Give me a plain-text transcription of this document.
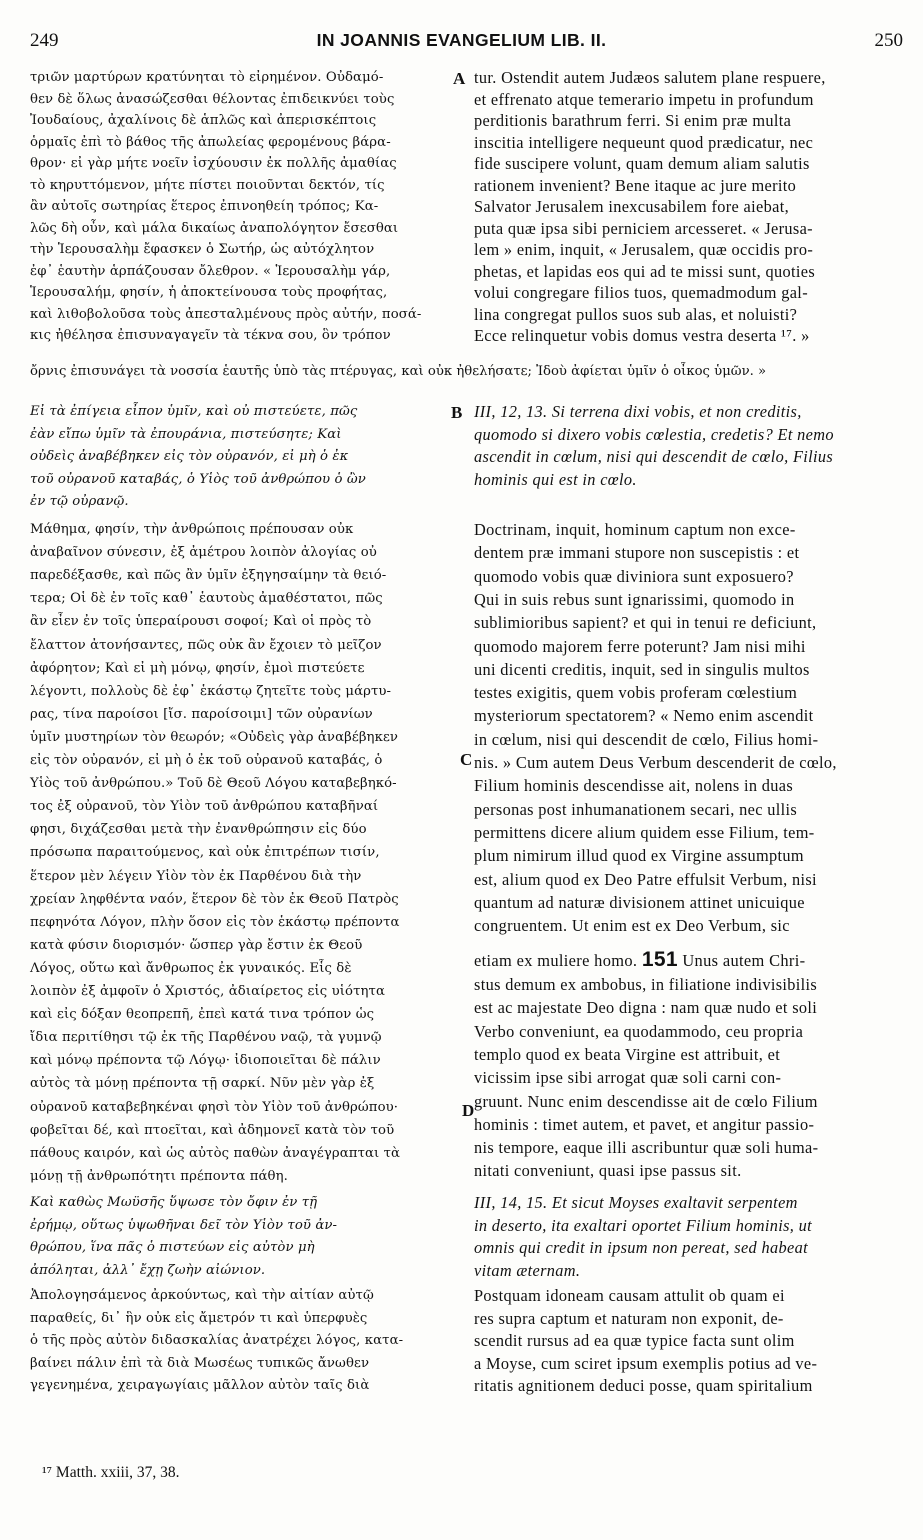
249	IN JOANNIS EVANGELIUM LIB. II.	250
τριῶν μαρτύρων κρατύνηται τὸ εἰρημένον. Οὐδαμό-
θεν δὲ ὅλως ἀνασώζεσθαι θέλοντας ἐπιδεικνύει τοὺς
Ἰουδαίους, ἀχαλίνοις δὲ ἁπλῶς καὶ ἀπερισκέπτοις
ὁρμαῖς ἐπὶ τὸ βάθος τῆς ἀπωλείας φερομένους βάρα-
θρον· εἰ γὰρ μήτε νοεῖν ἰσχύουσιν ἐκ πολλῆς ἀμαθίας
τὸ κηρυττόμενον, μήτε πίστει ποιοῦνται δεκτόν, τίς
ἂν αὐτοῖς σωτηρίας ἕτερος ἐπινοηθείη τρόπος; Κα-
λῶς δὴ οὖν, καὶ μάλα δικαίως ἀναπολόγητον ἔσεσθαι
τὴν Ἱερουσαλὴμ ἔφασκεν ὁ Σωτήρ, ὡς αὐτόχλητον
ἐφ᾽ ἑαυτὴν ἁρπάζουσαν ὄλεθρον. « Ἱερουσαλὴμ γάρ,
Ἱερουσαλήμ, φησίν, ἡ ἀποκτείνουσα τοὺς προφήτας,
καὶ λιθοβολοῦσα τοὺς ἀπεσταλμένους πρὸς αὐτήν, ποσά-
κις ἠθέλησα ἐπισυναγαγεῖν τὰ τέκνα σου, ὃν τρόπον
tur. Ostendit autem Judæos salutem plane respuere,
et effrenato atque temerario impetu in profundum
perditionis barathrum ferri. Si enim præ multa
inscitia intelligere nequeunt quod prædicatur, nec
fide suscipere volunt, quam demum aliam salutis
rationem invenient? Bene itaque ac jure merito
Salvator Jerusalem inexcusabilem fore aiebat,
puta quæ ipsa sibi perniciem arcesseret. « Jerusa-
lem » enim, inquit, « Jerusalem, quæ occidis pro-
phetas, et lapidas eos qui ad te missi sunt, quoties
volui congregare filios tuos, quemadmodum gal-
lina congregat pullos suos sub alas, et noluisti?
Ecce relinquetur vobis domus vestra deserta ¹⁷. »
Εἰ τὰ ἐπίγεια εἶπον ὑμῖν, καὶ οὐ πιστεύετε, πῶς
ἐὰν εἴπω ὑμῖν τὰ ἐπουράνια, πιστεύσητε; Καὶ
οὐδεὶς ἀναβέβηκεν εἰς τὸν οὐρανόν, εἰ μὴ ὁ ἐκ
τοῦ οὐρανοῦ καταβάς, ὁ Υἱὸς τοῦ ἀνθρώπου ὁ ὢν
ἐν τῷ οὐρανῷ.
III, 12, 13. Si terrena dixi vobis, et non creditis,
quomodo si dixero vobis cœlestia, credetis? Et nemo
ascendit in cœlum, nisi qui descendit de cœlo, Filius
hominis qui est in cœlo.
Μάθημα, φησίν, τὴν ἀνθρώποις πρέπουσαν οὐκ
ἀναβαῖνον σύνεσιν, ἐξ ἀμέτρου λοιπὸν ἀλογίας οὐ
παρεδέξασθε, καὶ πῶς ἂν ὑμῖν ἐξηγησαίμην τὰ θειό-
τερα; Οἱ δὲ ἐν τοῖς καθ᾽ ἑαυτοὺς ἀμαθέστατοι, πῶς
ἂν εἶεν ἐν τοῖς ὑπεραίρουσι σοφοί; Καὶ οἱ πρὸς τὸ
ἔλαττον ἀτονήσαντες, πῶς οὐκ ἂν ἔχοιεν τὸ μεῖζον
ἀφόρητον; Καὶ εἰ μὴ μόνῳ, φησίν, ἐμοὶ πιστεύετε
λέγοντι, πολλοὺς δὲ ἐφ᾽ ἑκάστῳ ζητεῖτε τοὺς μάρτυ-
ρας, τίνα παροίσοι [ἴσ. παροίσοιμι] τῶν οὐρανίων
ὑμῖν μυστηρίων τὸν θεωρόν; «Οὐδεὶς γὰρ ἀναβέβηκεν
εἰς τὸν οὐρανόν, εἰ μὴ ὁ ἐκ τοῦ οὐρανοῦ καταβάς, ὁ
Υἱὸς τοῦ ἀνθρώπου.» Τοῦ δὲ Θεοῦ Λόγου καταβεβηκό-
τος ἐξ οὐρανοῦ, τὸν Υἱὸν τοῦ ἀνθρώπου καταβῆναί
φησι, διχάζεσθαι μετὰ τὴν ἐνανθρώπησιν εἰς δύο
πρόσωπα παραιτούμενος, καὶ οὐκ ἐπιτρέπων τισίν,
ἕτερον μὲν λέγειν Υἱὸν τὸν ἐκ Παρθένου διὰ τὴν
χρείαν ληφθέντα ναόν, ἕτερον δὲ τὸν ἐκ Θεοῦ Πατρὸς
πεφηνότα Λόγον, πλὴν ὅσον εἰς τὸν ἑκάστῳ πρέποντα
κατὰ φύσιν διορισμόν· ὥσπερ γὰρ ἔστιν ἐκ Θεοῦ
Λόγος, οὕτω καὶ ἄνθρωπος ἐκ γυναικός. Εἷς δὲ
λοιπὸν ἐξ ἀμφοῖν ὁ Χριστός, ἀδιαίρετος εἰς υἱότητα
καὶ εἰς δόξαν θεοπρεπῆ, ἐπεὶ κατά τινα τρόπον ὡς
ἴδια περιτίθησι τῷ ἐκ τῆς Παρθένου ναῷ, τὰ γυμνῷ
καὶ μόνῳ πρέποντα τῷ Λόγῳ· ἰδιοποιεῖται δὲ πάλιν
αὐτὸς τὰ μόνῃ πρέποντα τῇ σαρκί. Νῦν μὲν γὰρ ἐξ
οὐρανοῦ καταβεβηκέναι φησὶ τὸν Υἱὸν τοῦ ἀνθρώπου·
φοβεῖται δέ, καὶ πτοεῖται, καὶ ἀδημονεῖ κατὰ τὸν τοῦ
πάθους καιρόν, καὶ ὡς αὐτὸς παθὼν ἀναγέγραπται τὰ
μόνῃ τῇ ἀνθρωπότητι πρέποντα πάθη.
Doctrinam, inquit, hominum captum non exce-
dentem præ immani stupore non suscepistis : et
quomodo vobis quæ diviniora sunt exposuero?
Qui in suis rebus sunt ignarissimi, quomodo in
sublimioribus sapient? et qui in tenui re deficiunt,
quomodo majorem ferre poterunt? Jam nisi mihi
uni dicenti creditis, inquit, sed in singulis multos
testes exigitis, quem vobis proferam cœlestium
mysteriorum spectatorem? « Nemo enim ascendit
in cœlum, nisi qui descendit de cœlo, Filius homi-
nis. » Cum autem Deus Verbum descenderit de cœlo,
Filium hominis descendisse ait, nolens in duas
personas post inhumanationem secari, nec ullis
permittens dicere alium quidem esse Filium, tem-
plum nimirum illud quod ex Virgine assumptum
est, alium quod ex Deo Patre effulsit Verbum, nisi
quantum ad naturæ divisionem attinet unicuique
congruentem. Ut enim est ex Deo Verbum, sic
stus demum ex ambobus, in filiatione indivisibilis
est ac majestate Deo digna : nam quæ nudo et soli
Verbo conveniunt, ea quodammodo, ceu propria
templo quod ex beata Virgine est attribuit, et
vicissim ipse sibi arrogat quæ soli carni con-
gruunt. Nunc enim descendisse ait de cœlo Filium
hominis : timet autem, et pavet, et angitur passio-
nis tempore, eaque illi ascribuntur quæ soli huma-
nitati conveniunt, quasi ipse passus sit.
Καὶ καθὼς Μωϋσῆς ὕψωσε τὸν ὄφιν ἐν τῇ
ἐρήμῳ, οὕτως ὑψωθῆναι δεῖ τὸν Υἱὸν τοῦ ἀν-
θρώπου, ἵνα πᾶς ὁ πιστεύων εἰς αὐτὸν μὴ
ἀπόληται, ἀλλ᾽ ἔχῃ ζωὴν αἰώνιον.
III, 14, 15. Et sicut Moyses exaltavit serpentem
in deserto, ita exaltari oportet Filium hominis, ut
omnis qui credit in ipsum non pereat, sed habeat
vitam æternam.
Ἀπολογησάμενος ἀρκούντως, καὶ τὴν αἰτίαν αὐτῷ
παραθείς, δι᾽ ἣν οὐκ εἰς ἄμετρόν τι καὶ ὑπερφυὲς
ὁ τῆς πρὸς αὐτὸν διδασκαλίας ἀνατρέχει λόγος, κατα-
βαίνει πάλιν ἐπὶ τὰ διὰ Μωσέως τυπικῶς ἄνωθεν
γεγενημένα, χειραγωγίαις μᾶλλον αὐτὸν ταῖς διὰ
Postquam idoneam causam attulit ob quam ei
res supra captum et naturam non exponit, de-
scendit rursus ad ea quæ typice facta sunt olim
a Moyse, cum sciret ipsum exemplis potius ad ve-
ritatis agnitionem deduci posse, quam spiritalium
ὄρνις ἐπισυνάγει τὰ νοσσία ἑαυτῆς ὑπὸ τὰς πτέρυγας, καὶ οὐκ ἠθελήσατε; Ἰδοὺ ἀφίεται ὑμῖν ὁ οἶκος ὑμῶν. »
A
B
C
D
etiam ex muliere homo. 151 Unus autem Chri-
¹⁷ Matth. xxiii, 37, 38.
